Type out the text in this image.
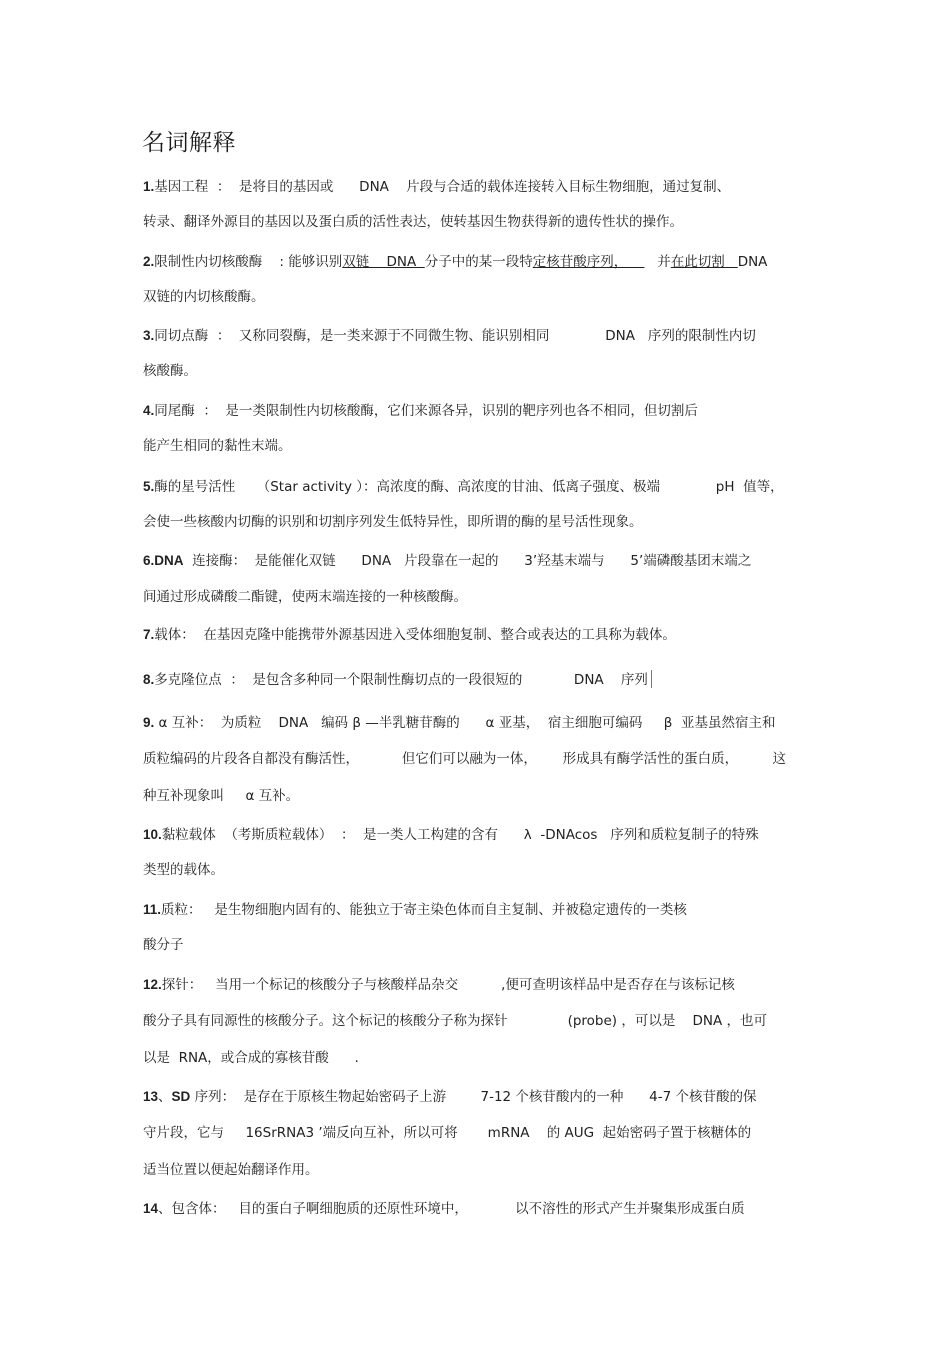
名词解释
1.基因工程  ：  是将目的基因或      DNA    片段与合适的载体连接转入目标生物细胞，通过复制、
转录、翻译外源目的基因以及蛋白质的活性表达，使转基因生物获得新的遗传性状的操作。
2.限制性内切核酸酶    : 能够识别双链    DNA  分子中的某一段特定核苷酸序列，       并在此切割   DNA
双链的内切核酸酶。
3.同切点酶  ：  又称同裂酶，是一类来源于不同微生物、能识别相同             DNA   序列的限制性内切
核酸酶。
4.同尾酶  ：  是一类限制性内切核酸酶，它们来源各异，识别的靶序列也各不相同，但切割后
能产生相同的黏性末端。
5.酶的星号活性     （Star activity ）：高浓度的酶、高浓度的甘油、低离子强度、极端             pH  值等，
会使一些核酸内切酶的识别和切割序列发生低特异性，即所谓的酶的星号活性现象。
6.DNA  连接酶：  是能催化双链      DNA   片段靠在一起的      3’羟基末端与      5’端磷酸基团末端之
间通过形成磷酸二酯键，使两末端连接的一种核酸酶。
7.载体：  在基因克隆中能携带外源基因进入受体细胞复制、整合或表达的工具称为载体。
8.多克隆位点  ：  是包含多种同一个限制性酶切点的一段很短的            DNA    序列
9. α 互补：  为质粒    DNA   编码 β —半乳糖苷酶的      α 亚基，  宿主细胞可编码     β  亚基虽然宿主和
质粒编码的片段各自都没有酶活性，          但它们可以融为一体，      形成具有酶学活性的蛋白质，        这
种互补现象叫     α 互补。
10.黏粒载体  （考斯质粒载体）  ：  是一类人工构建的含有      λ  -DNAcos   序列和质粒复制子的特殊
类型的载体。
11.质粒：   是生物细胞内固有的、能独立于寄主染色体而自主复制、并被稳定遗传的一类核
酸分子
12.探针：   当用一个标记的核酸分子与核酸样品杂交          ,便可查明该样品中是否存在与该标记核
酸分子具有同源性的核酸分子。这个标记的核酸分子称为探针              (probe) ，可以是    DNA ，也可
以是  RNA，或合成的寡核苷酸      .
13、SD 序列：  是存在于原核生物起始密码子上游        7-12 个核苷酸内的一种      4-7 个核苷酸的保
守片段，它与     16SrRNA3 ’端反向互补，所以可将       mRNA    的 AUG  起始密码子置于核糖体的
适当位置以便起始翻译作用。
14、包含体：   目的蛋白子啊细胞质的还原性环境中，           以不溶性的形式产生并聚集形成蛋白质
